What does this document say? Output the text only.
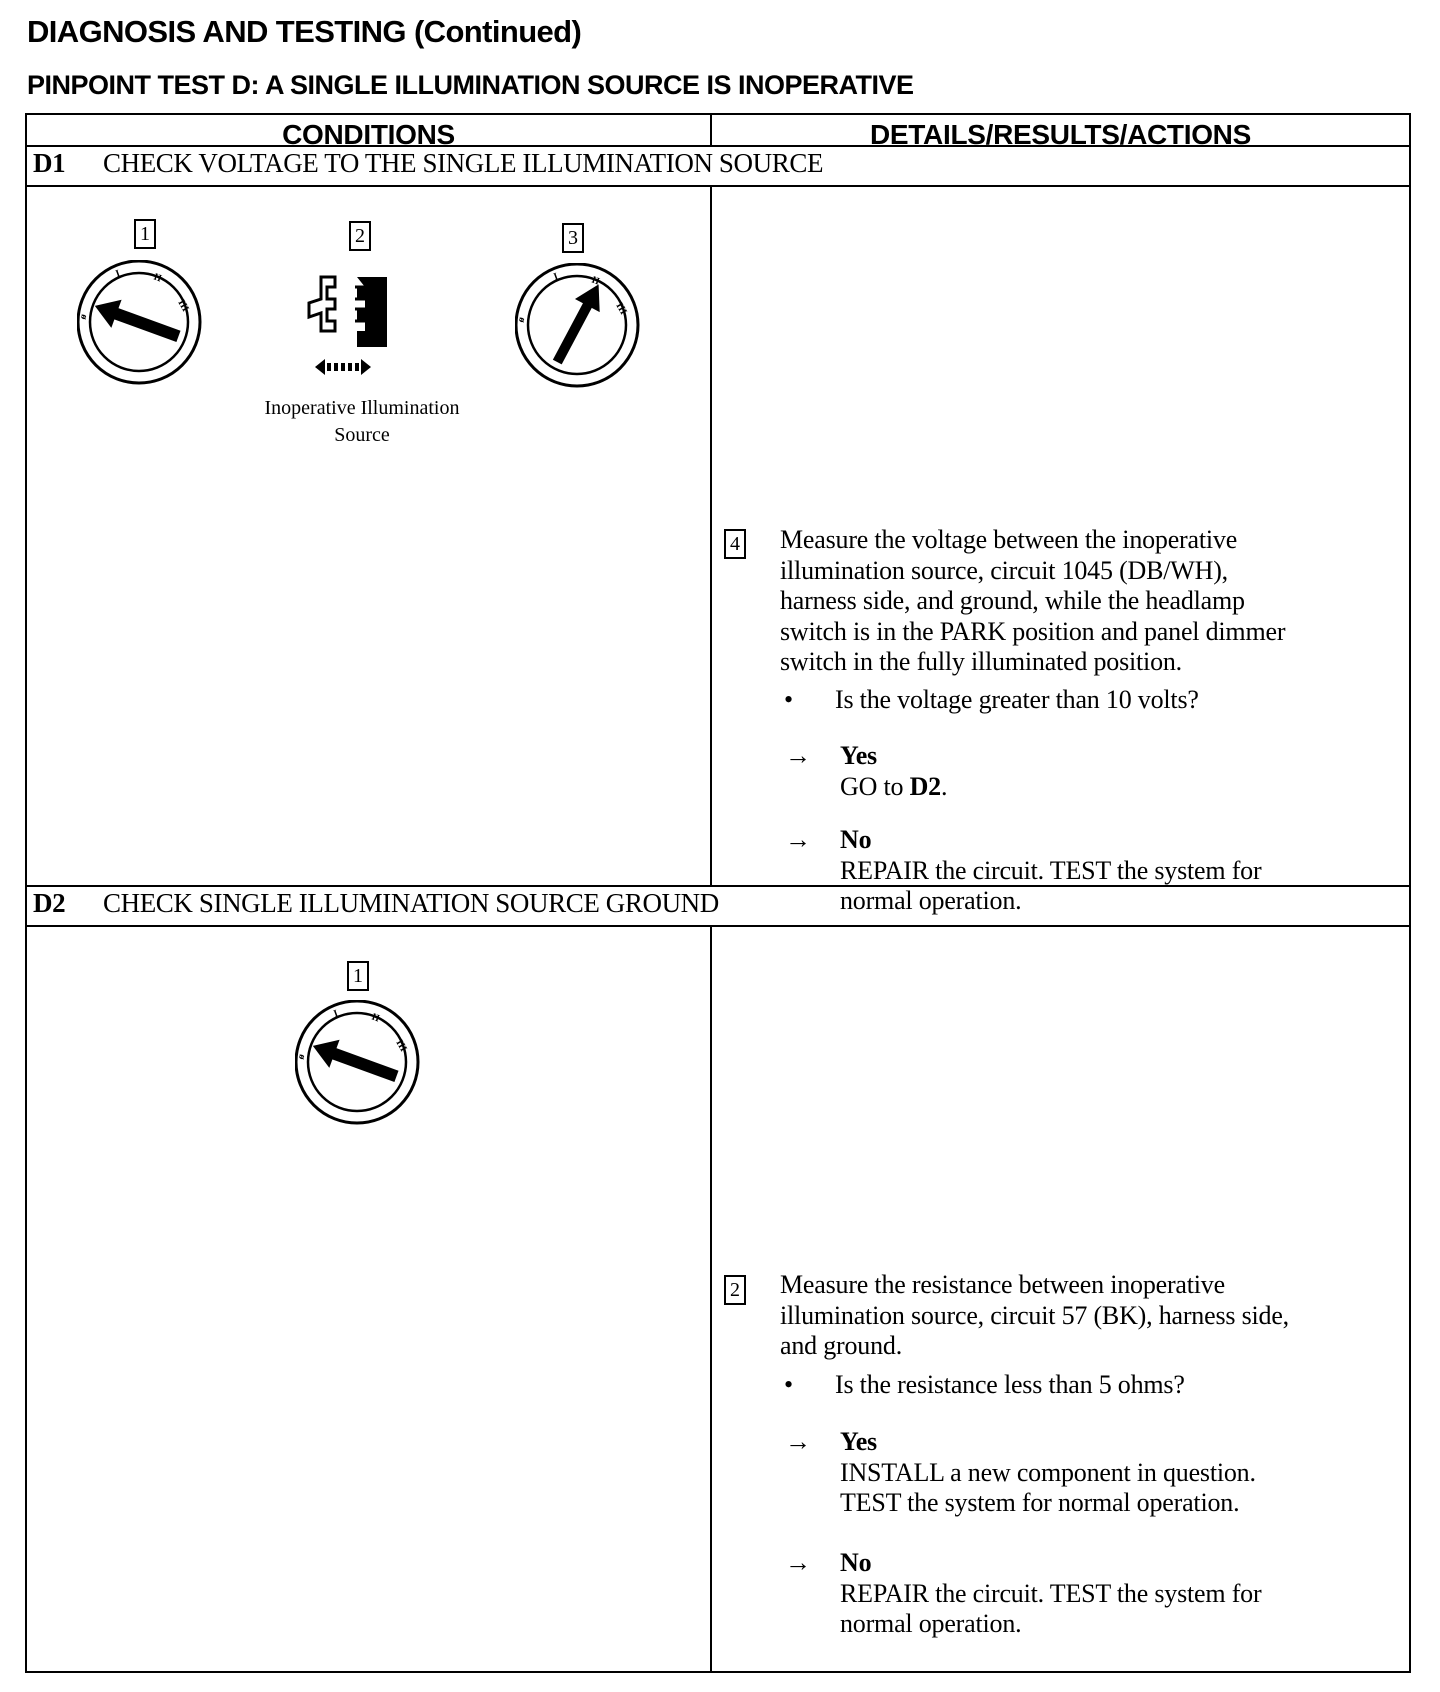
DIAGNOSIS AND TESTING (Continued)
PINPOINT TEST D: A SINGLE ILLUMINATION SOURCE IS INOPERATIVE
CONDITIONS	DETAILS/RESULTS/ACTIONS
D1 CHECK VOLTAGE TO THE SINGLE ILLUMINATION SOURCE
1	2	3
ø
I	II
III
Inoperative Illumination
Source
ø
I	II
III
4 Measure the voltage between the inoperative
illumination source, circuit 1045 (DB/WH),
harness side, and ground, while the headlamp
switch is in the PARK position and panel dimmer
switch in the fully illuminated position.
• Is the voltage greater than 10 volts?
→ Yes
GO to D2.
→ No
REPAIR the circuit. TEST the system for
normal operation.
D2 CHECK SINGLE ILLUMINATION SOURCE GROUND
1
ø
I	II
III
2 Measure the resistance between inoperative
illumination source, circuit 57 (BK), harness side,
and ground.
• Is the resistance less than 5 ohms?
→ Yes
INSTALL a new component in question.
TEST the system for normal operation.
→ No
REPAIR the circuit. TEST the system for
normal operation.
